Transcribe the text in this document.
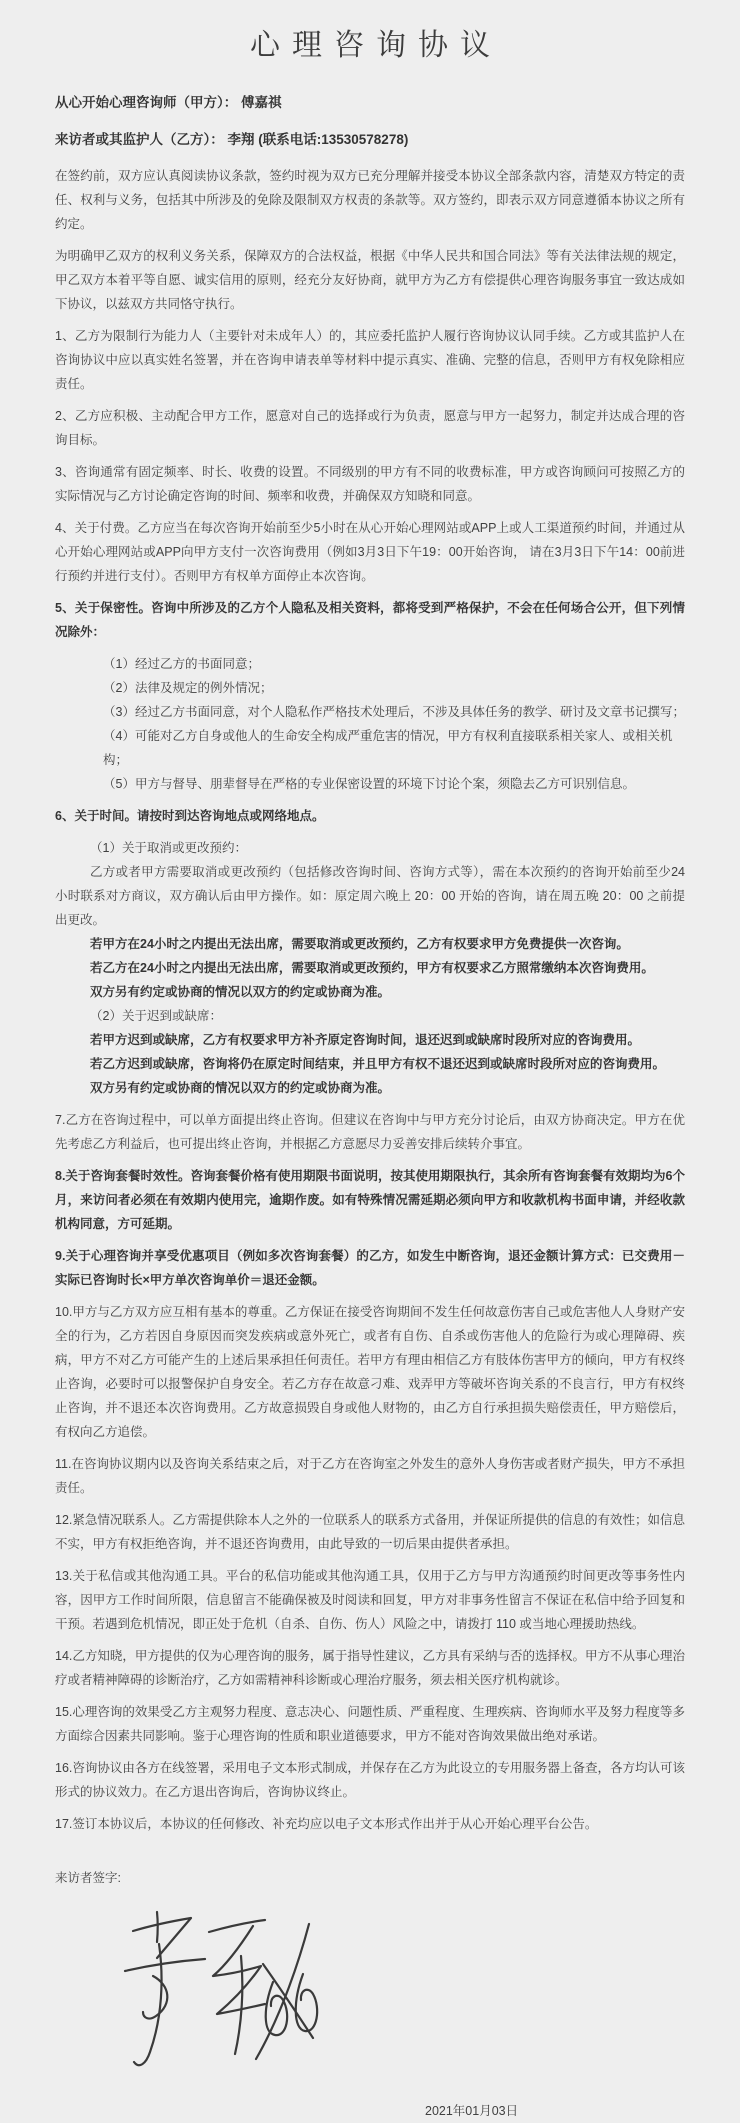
心理咨询协议

从心开始心理咨询师（甲方）： 傅嘉祺

来访者或其监护人（乙方）： 李翔 (联系电话:13530578278)

在签约前，双方应认真阅读协议条款，签约时视为双方已充分理解并接受本协议全部条款内容，清楚双方特定的责任、权利与义务，包括其中所涉及的免除及限制双方权责的条款等。双方签约，即表示双方同意遵循本协议之所有约定。

为明确甲乙双方的权利义务关系，保障双方的合法权益，根据《中华人民共和国合同法》等有关法律法规的规定，甲乙双方本着平等自愿、诚实信用的原则，经充分友好协商，就甲方为乙方有偿提供心理咨询服务事宜一致达成如下协议，以兹双方共同恪守执行。

1、乙方为限制行为能力人（主要针对未成年人）的，其应委托监护人履行咨询协议认同手续。乙方或其监护人在咨询协议中应以真实姓名签署，并在咨询申请表单等材料中提示真实、准确、完整的信息，否则甲方有权免除相应责任。

2、乙方应积极、主动配合甲方工作，愿意对自己的选择或行为负责，愿意与甲方一起努力，制定并达成合理的咨询目标。

3、咨询通常有固定频率、时长、收费的设置。不同级别的甲方有不同的收费标准，甲方或咨询顾问可按照乙方的实际情况与乙方讨论确定咨询的时间、频率和收费，并确保双方知晓和同意。

4、关于付费。乙方应当在每次咨询开始前至少5小时在从心开始心理网站或APP上或人工渠道预约时间，并通过从心开始心理网站或APP向甲方支付一次咨询费用（例如3月3日下午19：00开始咨询， 请在3月3日下午14：00前进行预约并进行支付）。否则甲方有权单方面停止本次咨询。

5、关于保密性。咨询中所涉及的乙方个人隐私及相关资料，都将受到严格保护，不会在任何场合公开，但下列情况除外：

（1）经过乙方的书面同意；

（2）法律及规定的例外情况；

（3）经过乙方书面同意，对个人隐私作严格技术处理后，不涉及具体任务的教学、研讨及文章书记撰写；

（4）可能对乙方自身或他人的生命安全构成严重危害的情况，甲方有权利直接联系相关家人、或相关机构；

（5）甲方与督导、朋辈督导在严格的专业保密设置的环境下讨论个案，须隐去乙方可识别信息。

6、关于时间。请按时到达咨询地点或网络地点。

（1）关于取消或更改预约：

乙方或者甲方需要取消或更改预约（包括修改咨询时间、咨询方式等），需在本次预约的咨询开始前至少24小时联系对方商议，双方确认后由甲方操作。如：原定周六晚上 20：00 开始的咨询，请在周五晚 20：00 之前提出更改。

若甲方在24小时之内提出无法出席，需要取消或更改预约，乙方有权要求甲方免费提供一次咨询。

若乙方在24小时之内提出无法出席，需要取消或更改预约，甲方有权要求乙方照常缴纳本次咨询费用。

双方另有约定或协商的情况以双方的约定或协商为准。

（2）关于迟到或缺席：

若甲方迟到或缺席，乙方有权要求甲方补齐原定咨询时间，退还迟到或缺席时段所对应的咨询费用。

若乙方迟到或缺席，咨询将仍在原定时间结束，并且甲方有权不退还迟到或缺席时段所对应的咨询费用。

双方另有约定或协商的情况以双方的约定或协商为准。

7.乙方在咨询过程中，可以单方面提出终止咨询。但建议在咨询中与甲方充分讨论后，由双方协商决定。甲方在优先考虑乙方利益后，也可提出终止咨询，并根据乙方意愿尽力妥善安排后续转介事宜。

8.关于咨询套餐时效性。咨询套餐价格有使用期限书面说明，按其使用期限执行，其余所有咨询套餐有效期均为6个月，来访问者必须在有效期内使用完，逾期作废。如有特殊情况需延期必须向甲方和收款机构书面申请，并经收款机构同意，方可延期。

9.关于心理咨询并享受优惠项目（例如多次咨询套餐）的乙方，如发生中断咨询，退还金额计算方式：已交费用－实际已咨询时长×甲方单次咨询单价＝退还金额。

10.甲方与乙方双方应互相有基本的尊重。乙方保证在接受咨询期间不发生任何故意伤害自己或危害他人人身财产安全的行为，乙方若因自身原因而突发疾病或意外死亡，或者有自伤、自杀或伤害他人的危险行为或心理障碍、疾病，甲方不对乙方可能产生的上述后果承担任何责任。若甲方有理由相信乙方有肢体伤害甲方的倾向，甲方有权终止咨询，必要时可以报警保护自身安全。若乙方存在故意刁难、戏弄甲方等破坏咨询关系的不良言行，甲方有权终止咨询，并不退还本次咨询费用。乙方故意损毁自身或他人财物的，由乙方自行承担损失赔偿责任，甲方赔偿后，有权向乙方追偿。

11.在咨询协议期内以及咨询关系结束之后，对于乙方在咨询室之外发生的意外人身伤害或者财产损失，甲方不承担责任。

12.紧急情况联系人。乙方需提供除本人之外的一位联系人的联系方式备用，并保证所提供的信息的有效性；如信息不实，甲方有权拒绝咨询，并不退还咨询费用，由此导致的一切后果由提供者承担。

13.关于私信或其他沟通工具。平台的私信功能或其他沟通工具，仅用于乙方与甲方沟通预约时间更改等事务性内容，因甲方工作时间所限，信息留言不能确保被及时阅读和回复，甲方对非事务性留言不保证在私信中给予回复和干预。若遇到危机情况，即正处于危机（自杀、自伤、伤人）风险之中，请拨打 110 或当地心理援助热线。

14.乙方知晓，甲方提供的仅为心理咨询的服务，属于指导性建议，乙方具有采纳与否的选择权。甲方不从事心理治疗或者精神障碍的诊断治疗，乙方如需精神科诊断或心理治疗服务，须去相关医疗机构就诊。

15.心理咨询的效果受乙方主观努力程度、意志决心、问题性质、严重程度、生理疾病、咨询师水平及努力程度等多方面综合因素共同影响。鉴于心理咨询的性质和职业道德要求，甲方不能对咨询效果做出绝对承诺。

16.咨询协议由各方在线签署，采用电子文本形式制成，并保存在乙方为此设立的专用服务器上备查，各方均认可该形式的协议效力。在乙方退出咨询后，咨询协议终止。

17.签订本协议后，本协议的任何修改、补充均应以电子文本形式作出并于从心开始心理平台公告。

来访者签字:

2021年01月03日
